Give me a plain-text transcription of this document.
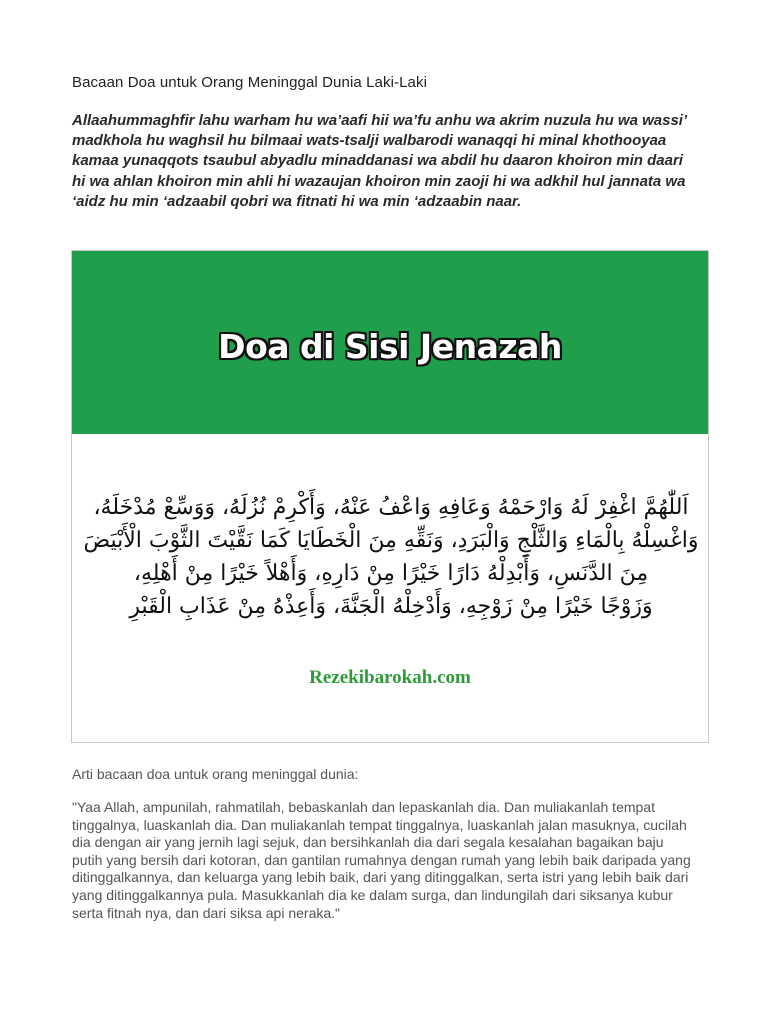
Bacaan Doa untuk Orang Meninggal Dunia Laki-Laki
Allaahummaghfir lahu warham hu wa’aafi hii wa’fu anhu wa akrim nuzula hu wa wassi’ madkhola hu waghsil hu bilmaai wats-tsalji walbarodi wanaqqi hi minal khothooyaa kamaa yunaqqots tsaubul abyadlu minaddanasi wa abdil hu daaron khoiron min daari hi wa ahlan khoiron min ahli hi wazaujan khoiron min zaoji hi wa adkhil hul jannata wa ‘aidz hu min ‘adzaabil qobri wa fitnati hi wa min ‘adzaabin naar.
Doa di Sisi Jenazah
اَللّٰهُمَّ اغْفِرْ لَهُ وَارْحَمْهُ وَعَافِهِ وَاعْفُ عَنْهُ، وَأَكْرِمْ نُزُلَهُ، وَوَسِّعْ مُدْخَلَهُ،
وَاغْسِلْهُ بِالْمَاءِ وَالثَّلْجِ وَالْبَرَدِ، وَنَقِّهِ مِنَ الْخَطَايَا كَمَا نَقَّيْتَ الثَّوْبَ الْأَبْيَضَ
مِنَ الدَّنَسِ، وَأَبْدِلْهُ دَارًا خَيْرًا مِنْ دَارِهِ، وَأَهْلاً خَيْرًا مِنْ أَهْلِهِ،
وَزَوْجًا خَيْرًا مِنْ زَوْجِهِ، وَأَدْخِلْهُ الْجَنَّةَ، وَأَعِذْهُ مِنْ عَذَابِ الْقَبْرِ
Rezekibarokah.com
Arti bacaan doa untuk orang meninggal dunia:
"Yaa Allah, ampunilah, rahmatilah, bebaskanlah dan lepaskanlah dia. Dan muliakanlah tempat tinggalnya, luaskanlah dia. Dan muliakanlah tempat tinggalnya, luaskanlah jalan masuknya, cucilah dia dengan air yang jernih lagi sejuk, dan bersihkanlah dia dari segala kesalahan bagaikan baju putih yang bersih dari kotoran, dan gantilan rumahnya dengan rumah yang lebih baik daripada yang ditinggalkannya, dan keluarga yang lebih baik, dari yang ditinggalkan, serta istri yang lebih baik dari yang ditinggalkannya pula. Masukkanlah dia ke dalam surga, dan lindungilah dari siksanya kubur serta fitnah nya, dan dari siksa api neraka."
